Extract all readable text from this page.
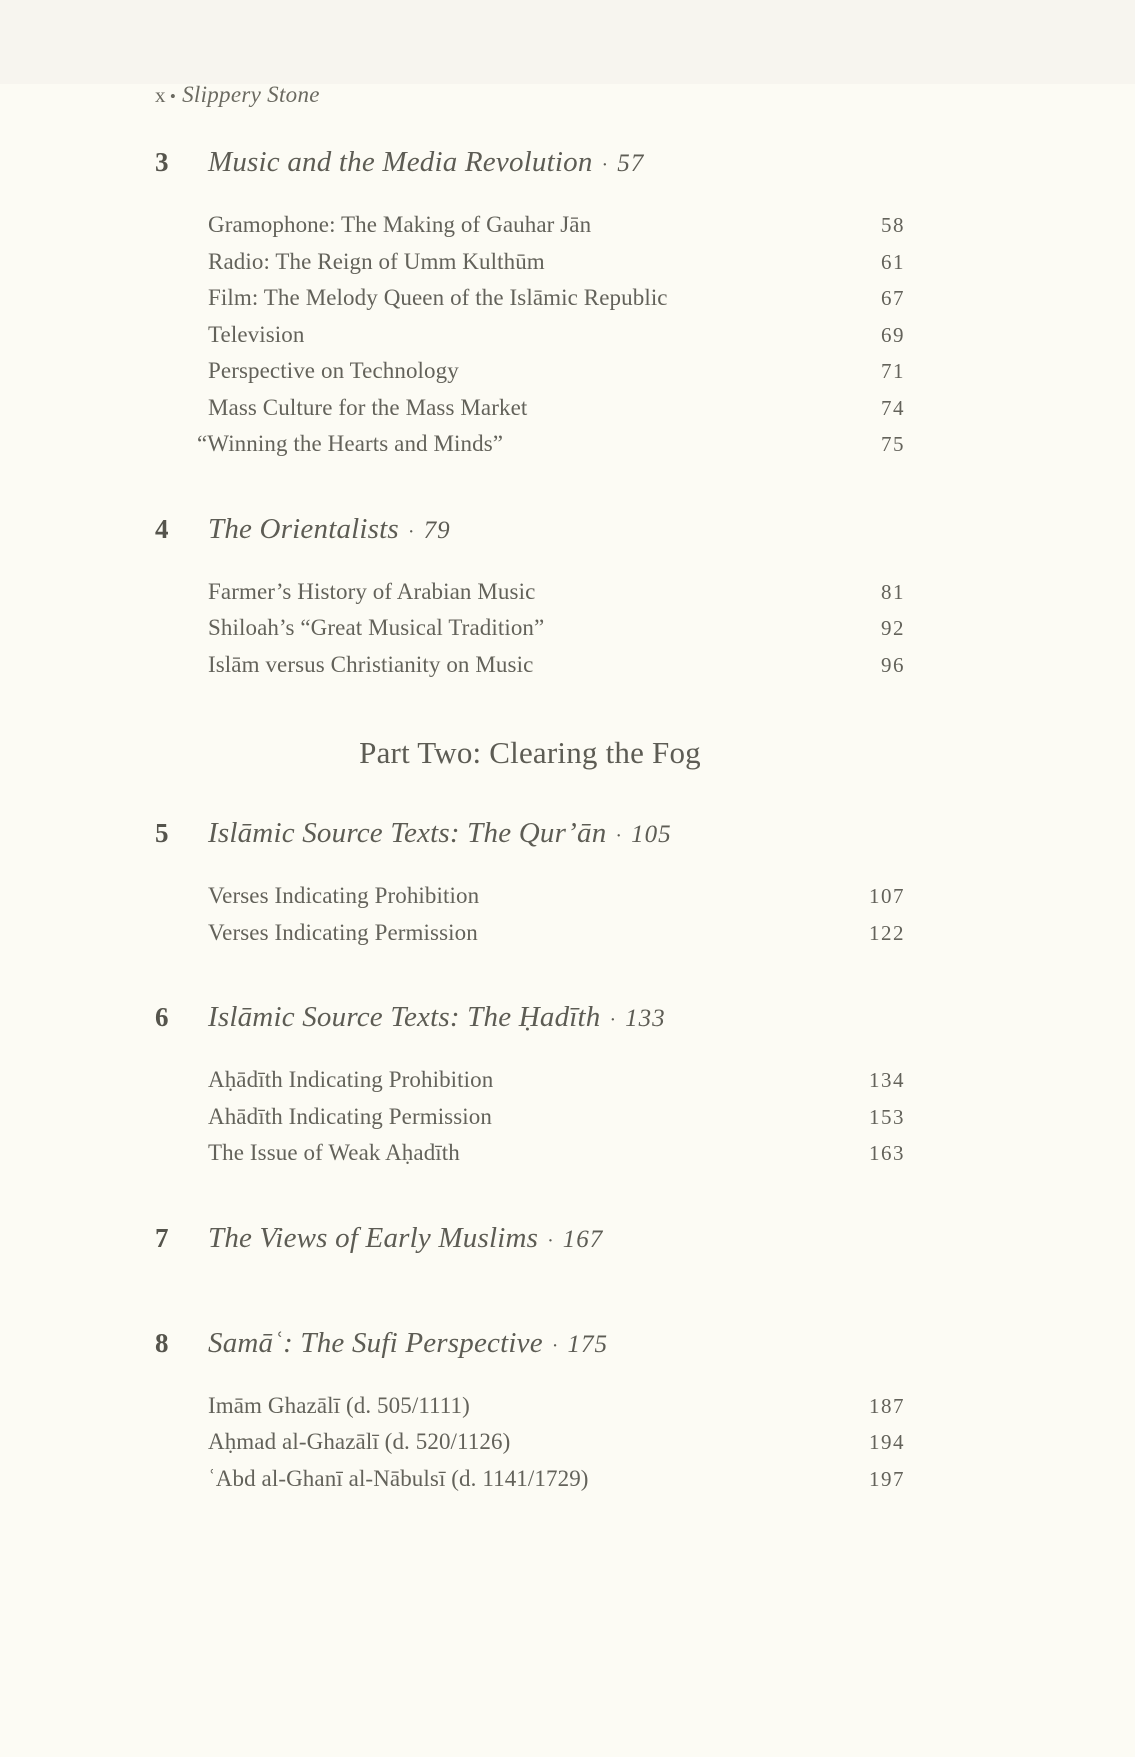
x • Slippery Stone
3	Music and the Media Revolution · 57
Gramophone: The Making of Gauhar Jān	58
Radio: The Reign of Umm Kulthūm	61
Film: The Melody Queen of the Islāmic Republic	67
Television	69
Perspective on Technology	71
Mass Culture for the Mass Market	74
“Winning the Hearts and Minds”	75
4	The Orientalists · 79
Farmer’s History of Arabian Music	81
Shiloah’s “Great Musical Tradition”	92
Islām versus Christianity on Music	96
Part Two: Clearing the Fog
5	Islāmic Source Texts: The Qur’ān · 105
Verses Indicating Prohibition	107
Verses Indicating Permission	122
6	Islāmic Source Texts: The Ḥadīth · 133
Aḥādīth Indicating Prohibition	134
Ahādīth Indicating Permission	153
The Issue of Weak Aḥadīth	163
7	The Views of Early Muslims · 167
8	Samāʿ: The Sufi Perspective · 175
Imām Ghazālī (d. 505/1111)	187
Aḥmad al-Ghazālī (d. 520/1126)	194
ʿAbd al-Ghanī al-Nābulsī (d. 1141/1729)	197
